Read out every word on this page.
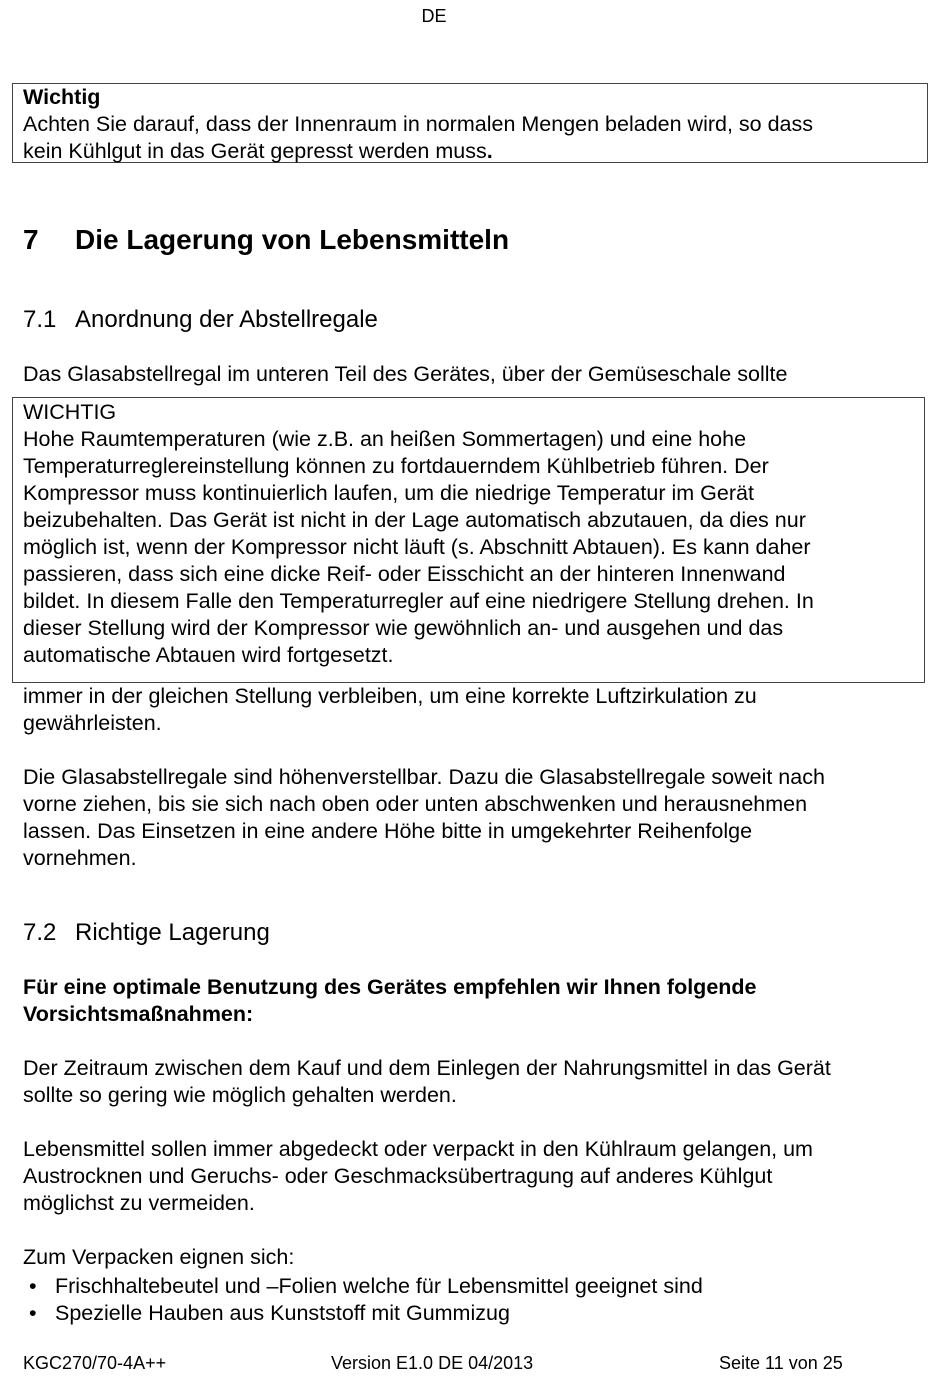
DE
Wichtig
Achten Sie darauf, dass der Innenraum in normalen Mengen beladen wird, so dass
kein Kühlgut in das Gerät gepresst werden muss.
7 Die Lagerung von Lebensmitteln
7.1 Anordnung der Abstellregale
Das Glasabstellregal im unteren Teil des Gerätes, über der Gemüseschale sollte
WICHTIG
Hohe Raumtemperaturen (wie z.B. an heißen Sommertagen) und eine hohe
Temperaturreglereinstellung können zu fortdauerndem Kühlbetrieb führen. Der
Kompressor muss kontinuierlich laufen, um die niedrige Temperatur im Gerät
beizubehalten. Das Gerät ist nicht in der Lage automatisch abzutauen, da dies nur
möglich ist, wenn der Kompressor nicht läuft (s. Abschnitt Abtauen). Es kann daher
passieren, dass sich eine dicke Reif- oder Eisschicht an der hinteren Innenwand
bildet. In diesem Falle den Temperaturregler auf eine niedrigere Stellung drehen. In
dieser Stellung wird der Kompressor wie gewöhnlich an- und ausgehen und das
automatische Abtauen wird fortgesetzt.
immer in der gleichen Stellung verbleiben, um eine korrekte Luftzirkulation zu
gewährleisten.
Die Glasabstellregale sind höhenverstellbar. Dazu die Glasabstellregale soweit nach
vorne ziehen, bis sie sich nach oben oder unten abschwenken und herausnehmen
lassen. Das Einsetzen in eine andere Höhe bitte in umgekehrter Reihenfolge
vornehmen.
7.2 Richtige Lagerung
Für eine optimale Benutzung des Gerätes empfehlen wir Ihnen folgende
Vorsichtsmaßnahmen:
Der Zeitraum zwischen dem Kauf und dem Einlegen der Nahrungsmittel in das Gerät
sollte so gering wie möglich gehalten werden.
Lebensmittel sollen immer abgedeckt oder verpackt in den Kühlraum gelangen, um
Austrocknen und Geruchs- oder Geschmacksübertragung auf anderes Kühlgut
möglichst zu vermeiden.
Zum Verpacken eignen sich:
• Frischhaltebeutel und –Folien welche für Lebensmittel geeignet sind
• Spezielle Hauben aus Kunststoff mit Gummizug
KGC270/70-4A++	Version E1.0 DE 04/2013	Seite 11 von 25
